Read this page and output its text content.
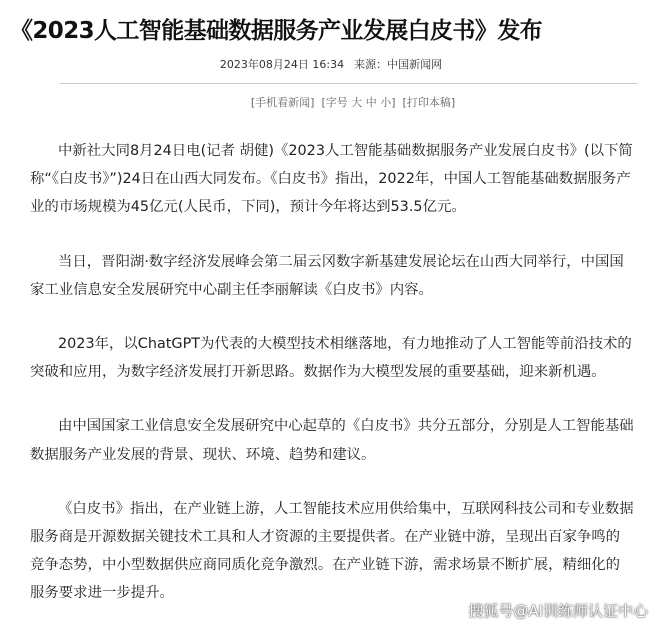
《2023人工智能基础数据服务产业发展白皮书》发布
2023年08月24日 16:34 来源：中国新闻网
[手机看新闻] [字号 大 中 小] [打印本稿]

中新社大同8月24日电(记者 胡健)《2023人工智能基础数据服务产业发展白皮书》(以下简称“《白皮书》”)24日在山西大同发布。《白皮书》指出，2022年，中国人工智能基础数据服务产业的市场规模为45亿元(人民币，下同)，预计今年将达到53.5亿元。

当日，晋阳湖·数字经济发展峰会第二届云冈数字新基建发展论坛在山西大同举行，中国国家工业信息安全发展研究中心副主任李丽解读《白皮书》内容。

2023年，以ChatGPT为代表的大模型技术相继落地，有力地推动了人工智能等前沿技术的突破和应用，为数字经济发展打开新思路。数据作为大模型发展的重要基础，迎来新机遇。

由中国国家工业信息安全发展研究中心起草的《白皮书》共分五部分，分别是人工智能基础数据服务产业发展的背景、现状、环境、趋势和建议。

《白皮书》指出，在产业链上游，人工智能技术应用供给集中，互联网科技公司和专业数据服务商是开源数据关键技术工具和人才资源的主要提供者。在产业链中游，呈现出百家争鸣的竞争态势，中小型数据供应商同质化竞争激烈。在产业链下游，需求场景不断扩展，精细化的服务要求进一步提升。

搜狐号@AI训练师认证中心
